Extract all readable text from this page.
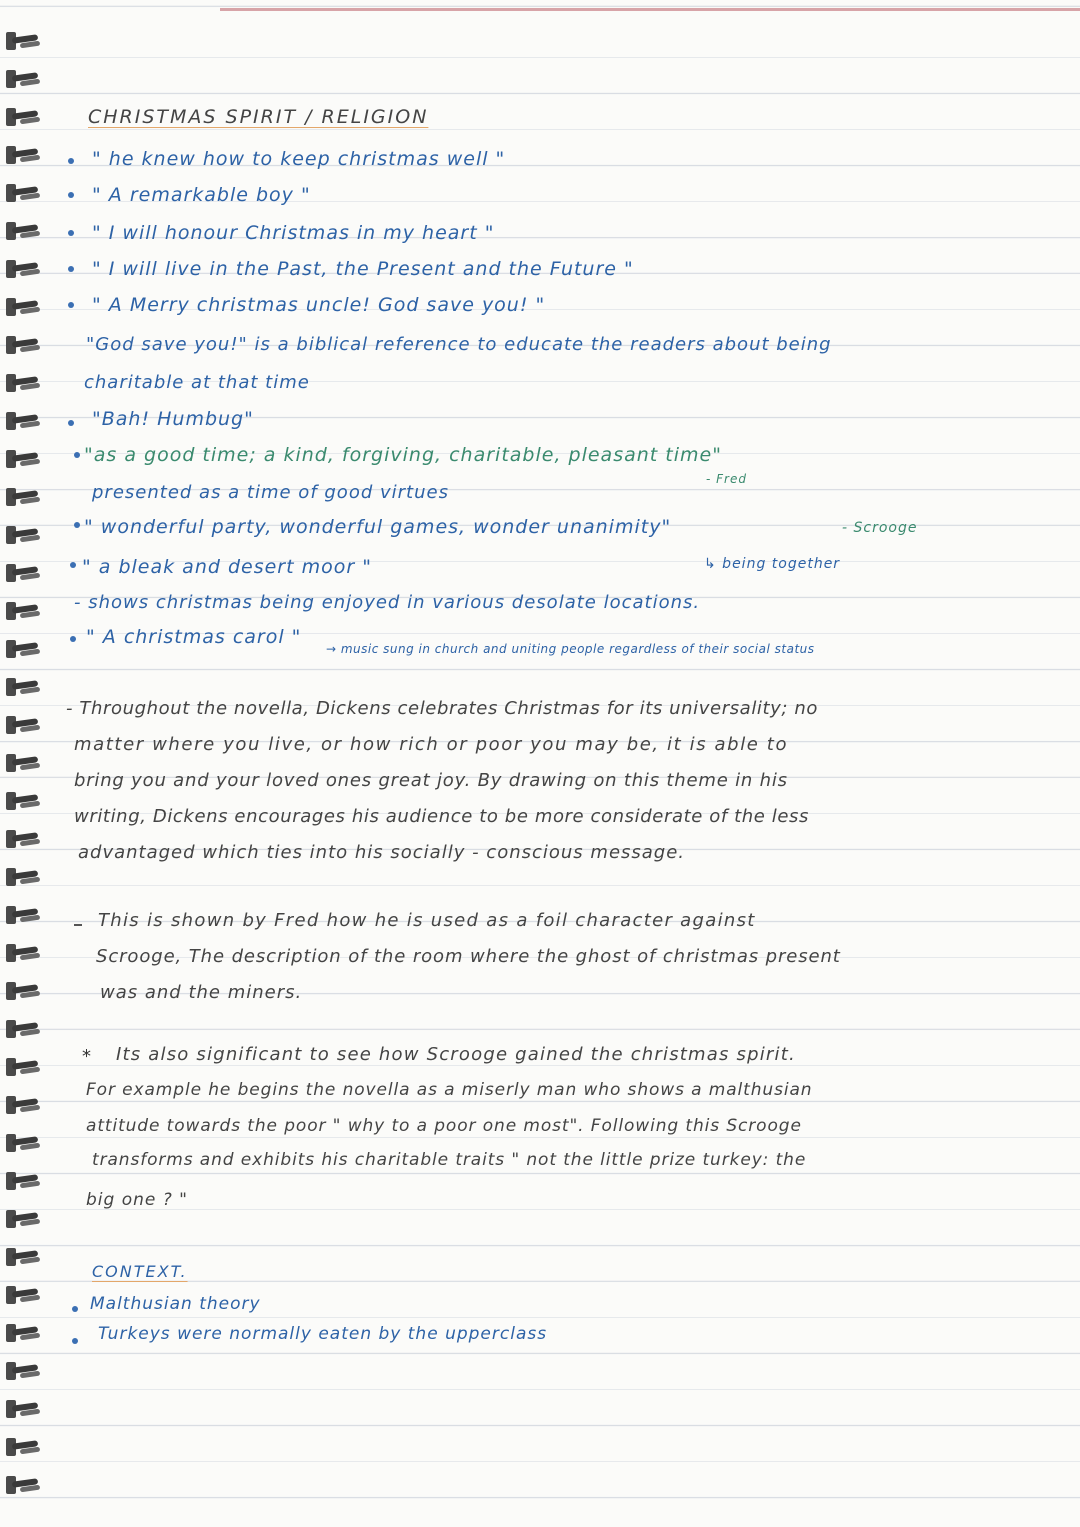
CHRISTMAS SPIRIT / RELIGION
" he knew how to keep christmas well "
" A remarkable boy "
" I will honour Christmas in my heart "
" I will live in the Past, the Present and the Future "
" A Merry christmas uncle! God save you! "
"God save you!" is a biblical reference to educate the readers about being
charitable at that time
"Bah! Humbug"
"as a good time; a kind, forgiving, charitable, pleasant time"
- Fred
presented as a time of good virtues
" wonderful party, wonderful games, wonder unanimity"	- Scrooge
↳ being together
" a bleak and desert moor "
- shows christmas being enjoyed in various desolate locations.
" A christmas carol "
→ music sung in church and uniting people regardless of their social status
- Throughout the novella, Dickens celebrates Christmas for its universality; no
matter where you live, or how rich or poor you may be, it is able to
bring you and your loved ones great joy. By drawing on this theme in his
writing, Dickens encourages his audience to be more considerate of the less
advantaged which ties into his socially - conscious message.
This is shown by Fred how he is used as a foil character against
Scrooge, The description of the room where the ghost of christmas present
was and the miners.
* Its also significant to see how Scrooge gained the christmas spirit.
For example he begins the novella as a miserly man who shows a malthusian
attitude towards the poor " why to a poor one most". Following this Scrooge
transforms and exhibits his charitable traits " not the little prize turkey: the
big one ? "
CONTEXT.
Malthusian theory
Turkeys were normally eaten by the upperclass
